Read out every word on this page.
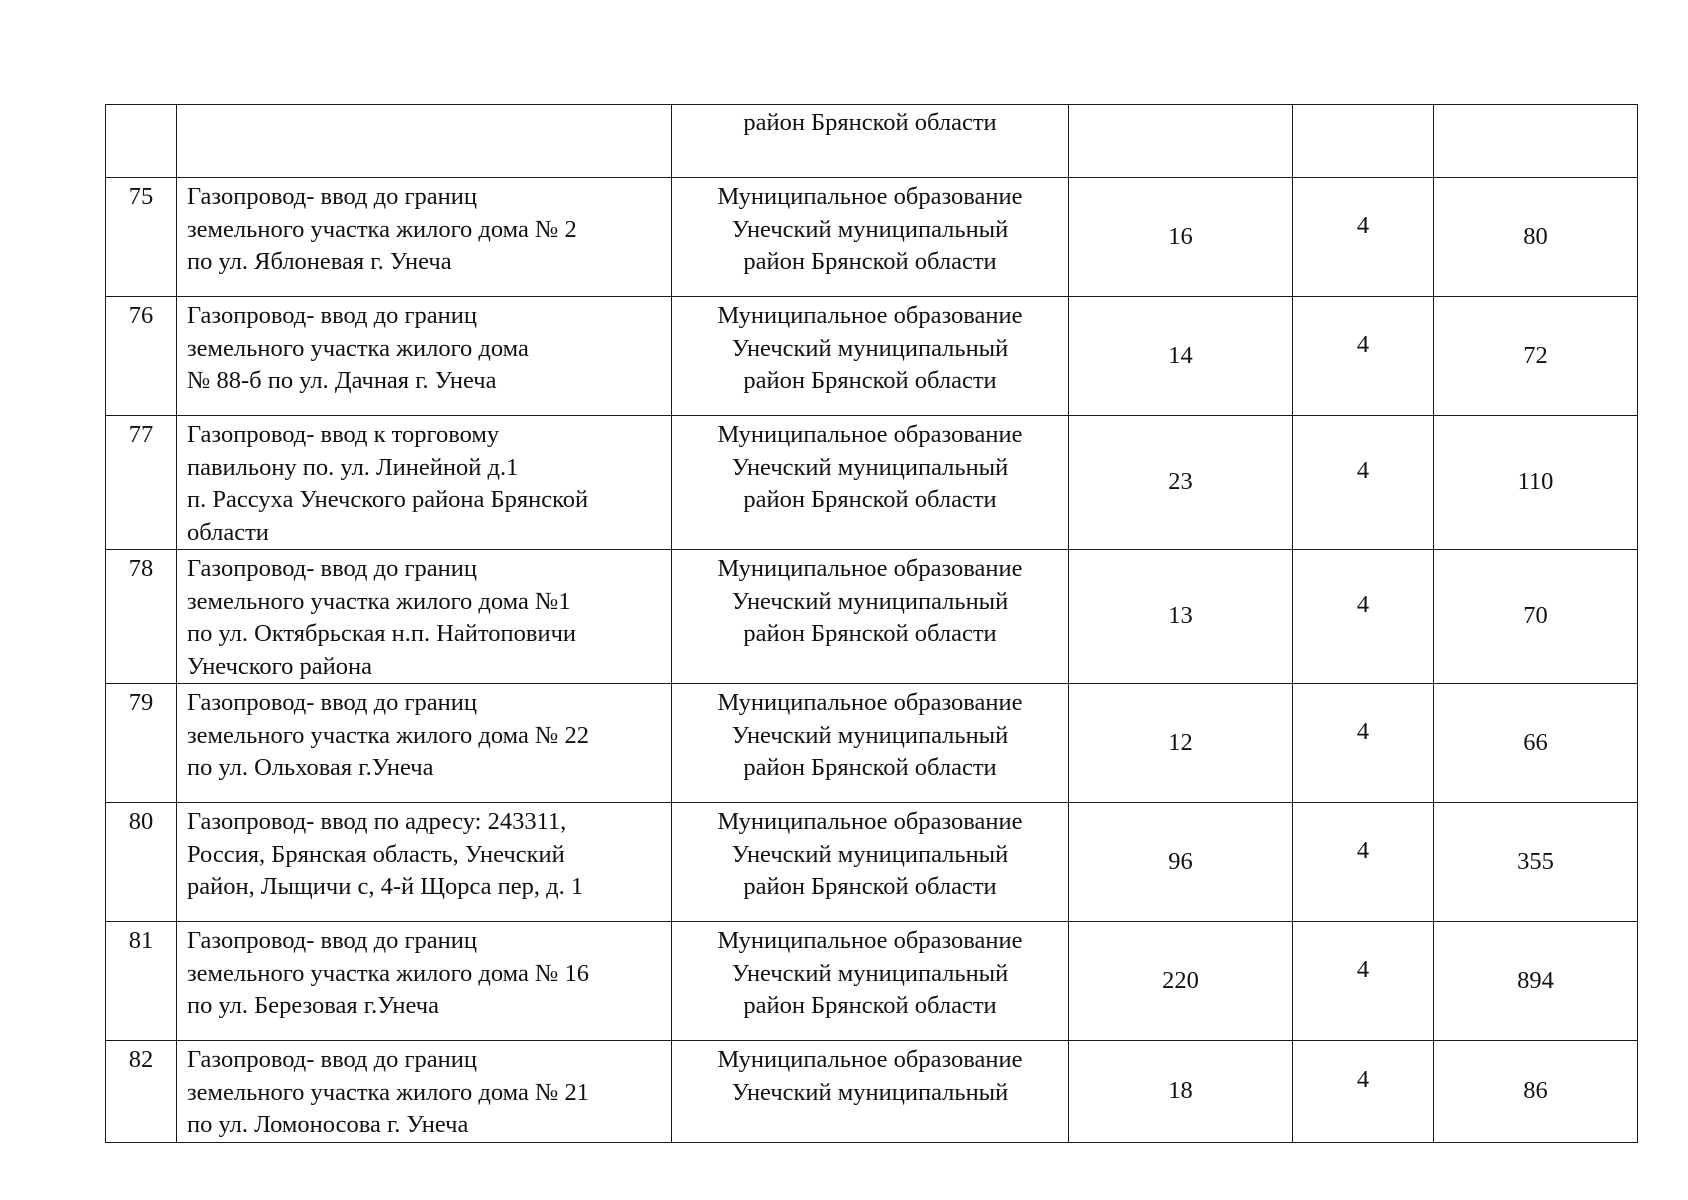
		район Брянской области			
75	Газопровод- ввод до границ
земельного участка жилого дома № 2
по ул. Яблоневая г. Унеча	Муниципальное образование
Унечский муниципальный
район Брянской области	16	4	80
76	Газопровод- ввод до границ
земельного участка жилого дома
№ 88-б по ул. Дачная г. Унеча	Муниципальное образование
Унечский муниципальный
район Брянской области	14	4	72
77	Газопровод- ввод к торговому
павильону по. ул. Линейной д.1
п. Рассуха Унечского района Брянской
области	Муниципальное образование
Унечский муниципальный
район Брянской области	23	4	110
78	Газопровод- ввод до границ
земельного участка жилого дома №1
по ул. Октябрьская н.п. Найтоповичи
Унечского района	Муниципальное образование
Унечский муниципальный
район Брянской области	13	4	70
79	Газопровод- ввод до границ
земельного участка жилого дома № 22
по ул. Ольховая г.Унеча	Муниципальное образование
Унечский муниципальный
район Брянской области	12	4	66
80	Газопровод- ввод по адресу: 243311,
Россия, Брянская область, Унечский
район, Лыщичи с, 4-й Щорса пер, д. 1	Муниципальное образование
Унечский муниципальный
район Брянской области	96	4	355
81	Газопровод- ввод до границ
земельного участка жилого дома № 16
по ул. Березовая г.Унеча	Муниципальное образование
Унечский муниципальный
район Брянской области	220	4	894
82	Газопровод- ввод до границ
земельного участка жилого дома № 21
по ул. Ломоносова г. Унеча	Муниципальное образование
Унечский муниципальный	18	4	86
